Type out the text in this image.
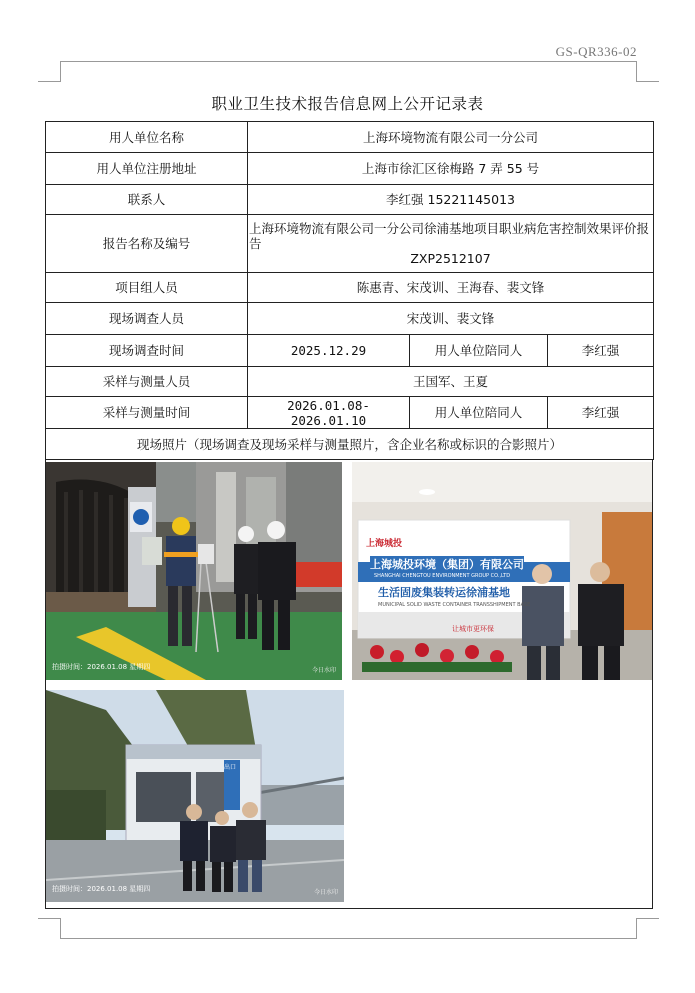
GS-QR336-02
职业卫生技术报告信息网上公开记录表
用人单位名称	上海环境物流有限公司一分公司		
用人单位注册地址	上海市徐汇区徐梅路 7 弄 55 号		
联系人	李红强 15221145013		
报告名称及编号	上海环境物流有限公司一分公司徐浦基地项目职业病危害控制效果评价报告
ZXP2512107		

项目组人员	陈惠青、宋茂训、王海春、裴文锋		
现场调查人员	宋茂训、裴文锋		
现场调查时间	2025.12.29	用人单位陪同人	李红强
采样与测量人员	王国军、王夏		
采样与测量时间	2026.01.08-2026.01.10	用人单位陪同人	李红强
现场照片（现场调查及现场采样与测量照片，含企业名称或标识的合影照片）			
拍摄时间：2026.01.08 星期四	今日水印
上海城投
上海城投环境（集团）有限公司
SHANGHAI CHENGTOU ENVIRONMENT GROUP CO.,LTD
生活固废集装转运徐浦基地
MUNICIPAL SOLID WASTE CONTAINER TRANSSHIPMENT BASE
让城市更环保
出口
拍摄时间：2026.01.08 星期四	今日水印
